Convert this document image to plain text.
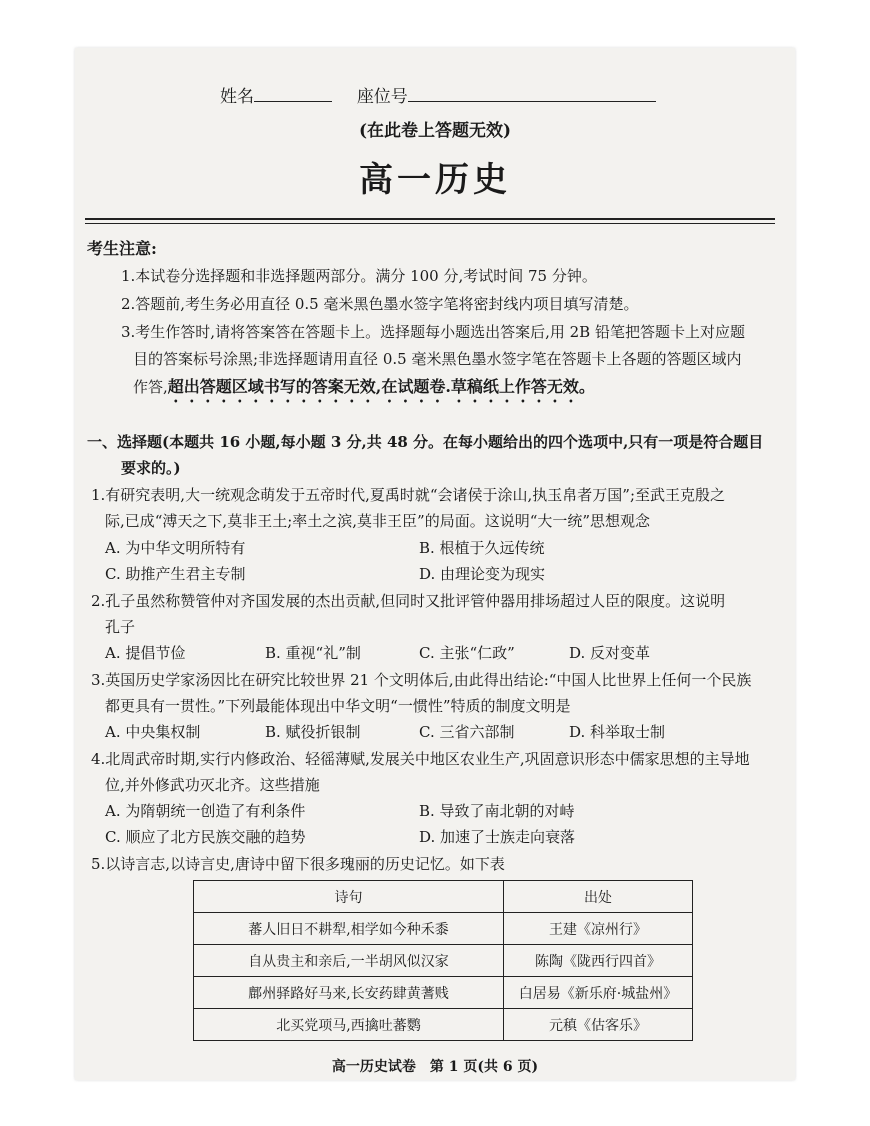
姓名	座位号
(在此卷上答题无效)
高一历史
考生注意:
1.本试卷分选择题和非选择题两部分。满分 100 分,考试时间 75 分钟。
2.答题前,考生务必用直径 0.5 毫米黑色墨水签字笔将密封线内项目填写清楚。
3.考生作答时,请将答案答在答题卡上。选择题每小题选出答案后,用 2B 铅笔把答题卡上对应题
目的答案标号涂黑;非选择题请用直径 0.5 毫米黑色墨水签字笔在答题卡上各题的答题区域内
作答,超出答题区域书写的答案无效,在试题卷.草稿纸上作答无效。
一、选择题(本题共 16 小题,每小题 3 分,共 48 分。在每小题给出的四个选项中,只有一项是符合题目
要求的。)
1.有研究表明,大一统观念萌发于五帝时代,夏禹时就“会诸侯于涂山,执玉帛者万国”;至武王克殷之
际,已成“溥天之下,莫非王土;率土之滨,莫非王臣”的局面。这说明“大一统”思想观念
A. 为中华文明所特有	B. 根植于久远传统
C. 助推产生君主专制	D. 由理论变为现实
2.孔子虽然称赞管仲对齐国发展的杰出贡献,但同时又批评管仲器用排场超过人臣的限度。这说明
孔子
A. 提倡节俭	B. 重视“礼”制	C. 主张“仁政”	D. 反对变革
3.英国历史学家汤因比在研究比较世界 21 个文明体后,由此得出结论:“中国人比世界上任何一个民族
都更具有一贯性。”下列最能体现出中华文明“一惯性”特质的制度文明是
A. 中央集权制	B. 赋役折银制	C. 三省六部制	D. 科举取士制
4.北周武帝时期,实行内修政治、轻徭薄赋,发展关中地区农业生产,巩固意识形态中儒家思想的主导地
位,并外修武功灭北齐。这些措施
A. 为隋朝统一创造了有利条件	B. 导致了南北朝的对峙
C. 顺应了北方民族交融的趋势	D. 加速了士族走向衰落
5.以诗言志,以诗言史,唐诗中留下很多瑰丽的历史记忆。如下表
诗句	出处
蕃人旧日不耕犁,相学如今种禾黍	王建《凉州行》
自从贵主和亲后,一半胡风似汉家	陈陶《陇西行四首》
鄜州驿路好马来,长安药肆黄蓍贱	白居易《新乐府·城盐州》
北买党项马,西擒吐蕃鹦	元稹《估客乐》
高一历史试卷　第 1 页(共 6 页)
